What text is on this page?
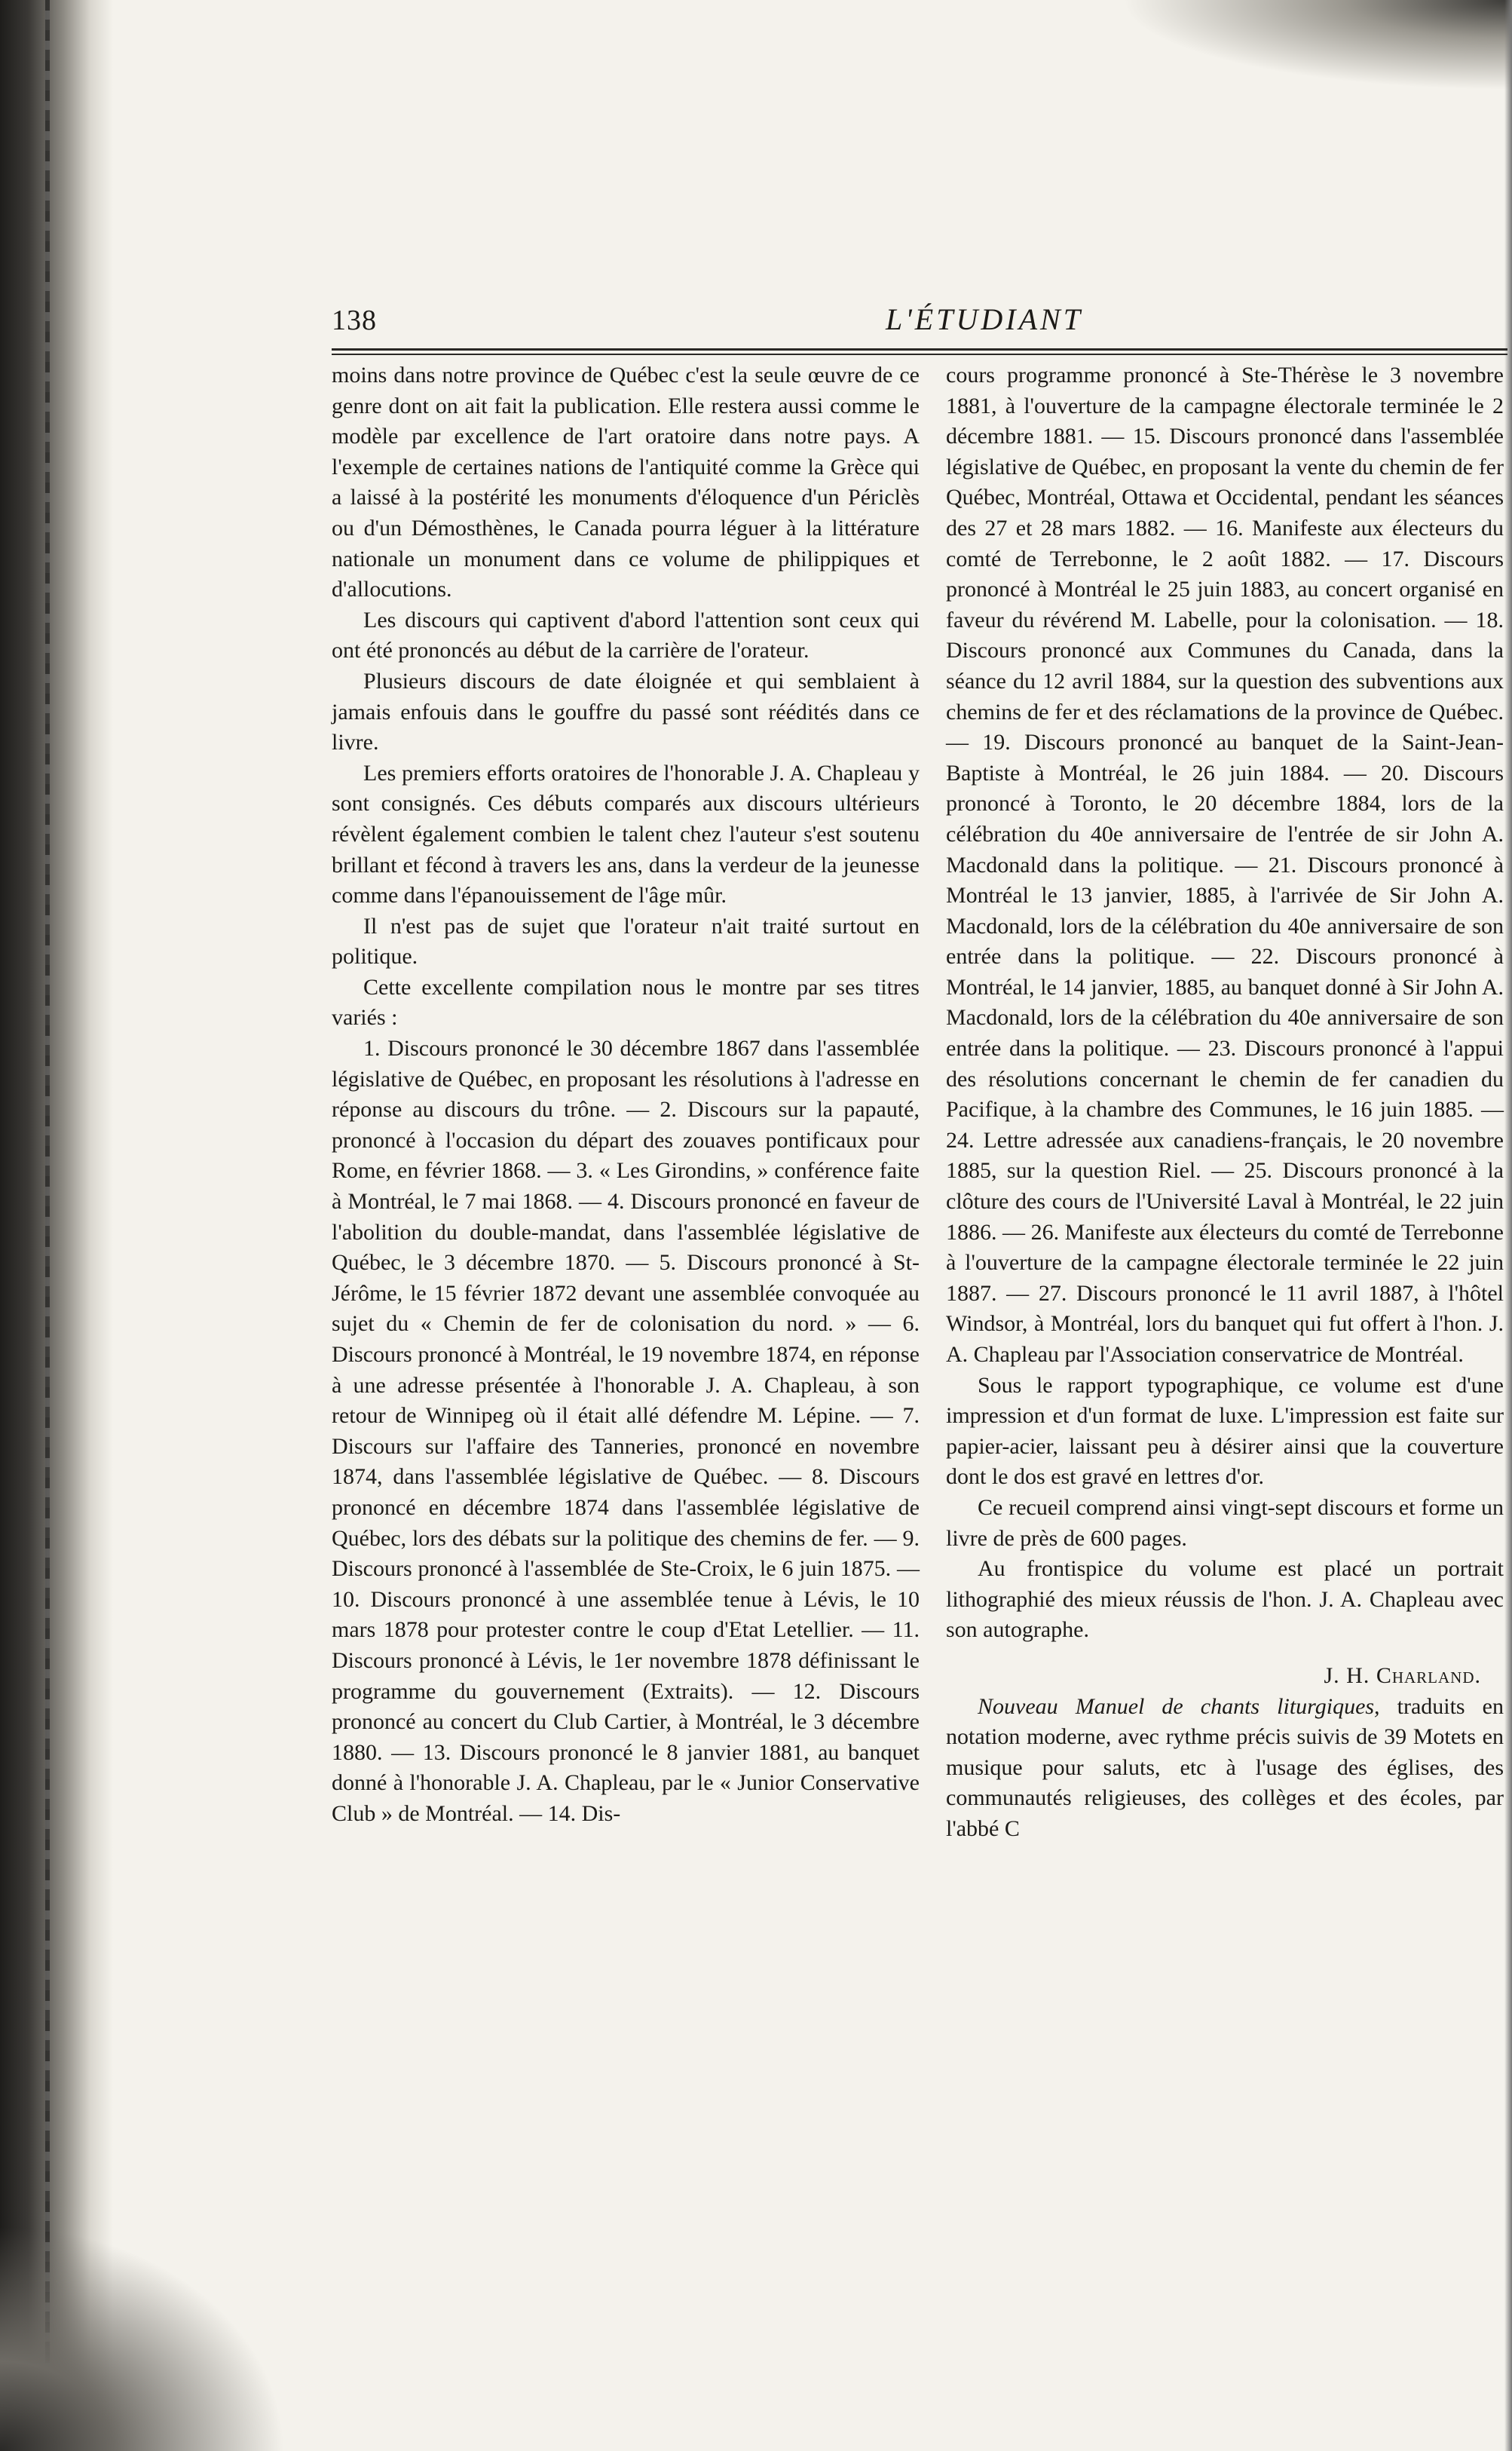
138	L'ÉTUDIANT

moins dans notre province de Québec c'est la seule œuvre de ce genre dont on ait fait la publication. Elle restera aussi comme le modèle par excellence de l'art oratoire dans notre pays. A l'exemple de certaines nations de l'antiquité comme la Grèce qui a laissé à la postérité les monuments d'éloquence d'un Périclès ou d'un Démosthènes, le Canada pourra léguer à la littérature nationale un monument dans ce volume de philippiques et d'allocutions.

Les discours qui captivent d'abord l'attention sont ceux qui ont été prononcés au début de la carrière de l'orateur.

Plusieurs discours de date éloignée et qui semblaient à jamais enfouis dans le gouffre du passé sont réédités dans ce livre.

Les premiers efforts oratoires de l'honorable J. A. Chapleau y sont consignés. Ces débuts comparés aux discours ultérieurs révèlent également combien le talent chez l'auteur s'est soutenu brillant et fécond à travers les ans, dans la verdeur de la jeunesse comme dans l'épanouissement de l'âge mûr.

Il n'est pas de sujet que l'orateur n'ait traité surtout en politique.

Cette excellente compilation nous le montre par ses titres variés :

1. Discours prononcé le 30 décembre 1867 dans l'assemblée législative de Québec, en proposant les résolutions à l'adresse en réponse au discours du trône. — 2. Discours sur la papauté, prononcé à l'occasion du départ des zouaves pontificaux pour Rome, en février 1868. — 3. « Les Girondins, » conférence faite à Montréal, le 7 mai 1868. — 4. Discours prononcé en faveur de l'abolition du double-mandat, dans l'assemblée législative de Québec, le 3 décembre 1870. — 5. Discours prononcé à St-Jérôme, le 15 février 1872 devant une assemblée convoquée au sujet du « Chemin de fer de colonisation du nord. » — 6. Discours prononcé à Montréal, le 19 novembre 1874, en réponse à une adresse présentée à l'honorable J. A. Chapleau, à son retour de Winnipeg où il était allé défendre M. Lépine. — 7. Discours sur l'affaire des Tanneries, prononcé en novembre 1874, dans l'assemblée législative de Québec. — 8. Discours prononcé en décembre 1874 dans l'assemblée législative de Québec, lors des débats sur la politique des chemins de fer. — 9. Discours prononcé à l'assemblée de Ste-Croix, le 6 juin 1875. — 10. Discours prononcé à une assemblée tenue à Lévis, le 10 mars 1878 pour protester contre le coup d'Etat Letellier. — 11. Discours prononcé à Lévis, le 1er novembre 1878 définissant le programme du gouvernement (Extraits). — 12. Discours prononcé au concert du Club Cartier, à Montréal, le 3 décembre 1880. — 13. Discours prononcé le 8 janvier 1881, au banquet donné à l'honorable J. A. Chapleau, par le « Junior Conservative Club » de Montréal. — 14. Dis-

cours programme prononcé à Ste-Thérèse le 3 novembre 1881, à l'ouverture de la campagne électorale terminée le 2 décembre 1881. — 15. Discours prononcé dans l'assemblée législative de Québec, en proposant la vente du chemin de fer Québec, Montréal, Ottawa et Occidental, pendant les séances des 27 et 28 mars 1882. — 16. Manifeste aux électeurs du comté de Terrebonne, le 2 août 1882. — 17. Discours prononcé à Montréal le 25 juin 1883, au concert organisé en faveur du révérend M. Labelle, pour la colonisation. — 18. Discours prononcé aux Communes du Canada, dans la séance du 12 avril 1884, sur la question des subventions aux chemins de fer et des réclamations de la province de Québec. — 19. Discours prononcé au banquet de la Saint-Jean-Baptiste à Montréal, le 26 juin 1884. — 20. Discours prononcé à Toronto, le 20 décembre 1884, lors de la célébration du 40e anniversaire de l'entrée de sir John A. Macdonald dans la politique. — 21. Discours prononcé à Montréal le 13 janvier, 1885, à l'arrivée de Sir John A. Macdonald, lors de la célébration du 40e anniversaire de son entrée dans la politique. — 22. Discours prononcé à Montréal, le 14 janvier, 1885, au banquet donné à Sir John A. Macdonald, lors de la célébration du 40e anniversaire de son entrée dans la politique. — 23. Discours prononcé à l'appui des résolutions concernant le chemin de fer canadien du Pacifique, à la chambre des Communes, le 16 juin 1885. — 24. Lettre adressée aux canadiens-français, le 20 novembre 1885, sur la question Riel. — 25. Discours prononcé à la clôture des cours de l'Université Laval à Montréal, le 22 juin 1886. — 26. Manifeste aux électeurs du comté de Terrebonne à l'ouverture de la campagne électorale terminée le 22 juin 1887. — 27. Discours prononcé le 11 avril 1887, à l'hôtel Windsor, à Montréal, lors du banquet qui fut offert à l'hon. J. A. Chapleau par l'Association conservatrice de Montréal.

Sous le rapport typographique, ce volume est d'une impression et d'un format de luxe. L'impression est faite sur papier-acier, laissant peu à désirer ainsi que la couverture dont le dos est gravé en lettres d'or.

Ce recueil comprend ainsi vingt-sept discours et forme un livre de près de 600 pages.

Au frontispice du volume est placé un portrait lithographié des mieux réussis de l'hon. J. A. Chapleau avec son autographe.

J. H. Charland.

Nouveau Manuel de chants liturgiques, traduits en notation moderne, avec rythme précis suivis de 39 Motets en musique pour saluts, etc à l'usage des églises, des communautés religieuses, des collèges et des écoles, par l'abbé C
